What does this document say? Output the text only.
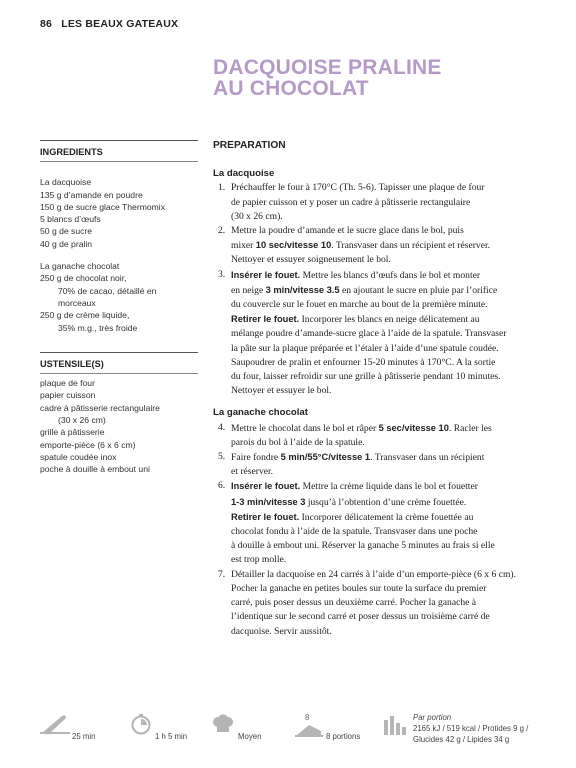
86 LES BEAUX GATEAUX
DACQUOISE PRALINE
AU CHOCOLAT
INGREDIENTS
La dacquoise
135 g d’amande en poudre
150 g de sucre glace Thermomix
5 blancs d’œufs
50 g de sucre
40 g de pralin
La ganache chocolat
250 g de chocolat noir,
70% de cacao, détaillé en
morceaux
250 g de crème liquide,
35% m.g., très froide
USTENSILE(S)
plaque de four
papier cuisson
cadre à pâtisserie rectangulaire
(30 x 26 cm)
grille à pâtisserie
emporte-pièce (6 x 6 cm)
spatule coudée inox
poche à douille à embout uni
PREPARATION
La dacquoise
1. Préchauffer le four à 170°C (Th. 5-6). Tapisser une plaque de four
de papier cuisson et y poser un cadre à pâtisserie rectangulaire
(30 x 26 cm).
2. Mettre la poudre d’amande et le sucre glace dans le bol, puis
mixer 10 sec/vitesse 10. Transvaser dans un récipient et réserver.
Nettoyer et essuyer soigneusement le bol.
3. Insérer le fouet. Mettre les blancs d’œufs dans le bol et monter
en neige 3 min/vitesse 3.5 en ajoutant le sucre en pluie par l’orifice
du couvercle sur le fouet en marche au bout de la première minute.
Retirer le fouet. Incorporer les blancs en neige délicatement au
mélange poudre d’amande-sucre glace à l’aide de la spatule. Transvaser
la pâte sur la plaque préparée et l’étaler à l’aide d’une spatule coudée.
Saupoudrer de pralin et enfourner 15-20 minutes à 170°C. A la sortie
du four, laisser refroidir sur une grille à pâtisserie pendant 10 minutes.
Nettoyer et essuyer le bol.
La ganache chocolat
4. Mettre le chocolat dans le bol et râper 5 sec/vitesse 10. Racler les
parois du bol à l’aide de la spatule.
5. Faire fondre 5 min/55°C/vitesse 1. Transvaser dans un récipient
et réserver.
6. Insérer le fouet. Mettre la crème liquide dans le bol et fouetter
1-3 min/vitesse 3 jusqu’à l’obtention d’une crème fouettée.
Retirer le fouet. Incorporer délicatement la crème fouettée au
chocolat fondu à l’aide de la spatule. Transvaser dans une poche
à douille à embout uni. Réserver la ganache 5 minutes au frais si elle
est trop molle.
7. Détailler la dacquoise en 24 carrés à l’aide d’un emporte-pièce (6 x 6 cm).
Pocher la ganache en petites boules sur toute la surface du premier
carré, puis poser dessus un deuxième carré. Pocher la ganache à
l’identique sur le second carré et poser dessus un troisième carré de
dacquoise. Servir aussitôt.
25 min	1 h 5 min	Moyen
8
8 portions
Par portion
2165 kJ / 519 kcal / Protides 9 g /
Glucides 42 g / Lipides 34 g
